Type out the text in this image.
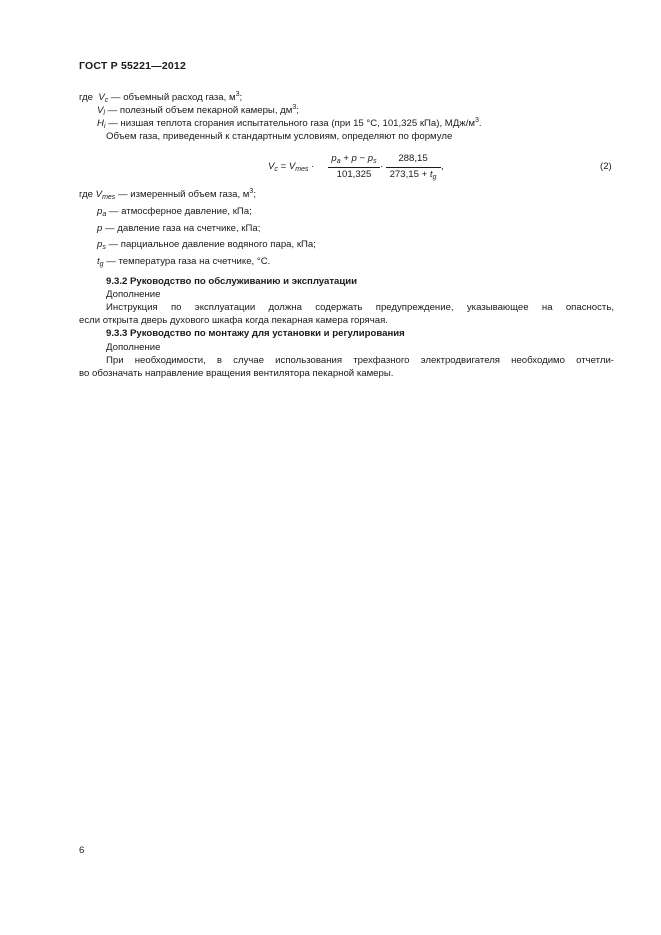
ГОСТ Р 55221—2012
где $V_c$ — объемный расход газа, $м^3$;
$V_l$ — полезный объем пекарной камеры, $дм^3$;
$H_i$ — низшая теплота сгорания испытательного газа (при 15 °С, 101,325 кПа), МДж/$м^3$.
Объем газа, приведенный к стандартным условиям, определяют по формуле
$V_c = V_{mes}$ ·
$p_a + p - p_s$
101,325
·
288,15
$273,15 + t_g$
,	(2)
где $V_{mes}$ — измеренный объем газа, $м^3$;
$p_a$ — атмосферное давление, кПа;
p — давление газа на счетчике, кПа;
$p_s$ — парциальное давление водяного пара, кПа;
$t_g$ — температура газа на счетчике, °С.
9.3.2 Руководство по обслуживанию и эксплуатации
Дополнение
Инструкция по эксплуатации должна содержать предупреждение, указывающее на опасность,
если открыта дверь духового шкафа когда пекарная камера горячая.
9.3.3 Руководство по монтажу для установки и регулирования
Дополнение
При необходимости, в случае использования трехфазного электродвигателя необходимо отчетли-
во обозначать направление вращения вентилятора пекарной камеры.
6
